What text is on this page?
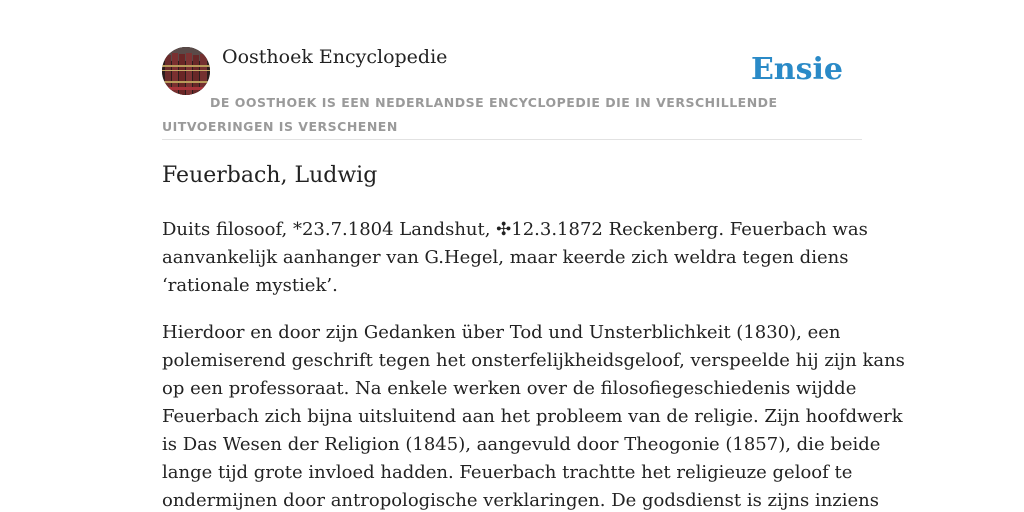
Oosthoek Encyclopedie	Ensie
DE OOSTHOEK IS EEN NEDERLANDSE ENCYCLOPEDIE DIE IN VERSCHILLENDE UITVOERINGEN IS VERSCHENEN
Feuerbach, Ludwig

Duits filosoof, *23.7.1804 Landshut, ✣12.3.1872 Reckenberg. Feuerbach was
aanvankelijk aanhanger van G.Hegel, maar keerde zich weldra tegen diens
‘rationale mystiek’.

Hierdoor en door zijn Gedanken über Tod und Unsterblichkeit (1830), een
polemiserend geschrift tegen het onsterfelijkheidsgeloof, verspeelde hij zijn kans
op een professoraat. Na enkele werken over de filosofiegeschiedenis wijdde
Feuerbach zich bijna uitsluitend aan het probleem van de religie. Zijn hoofdwerk
is Das Wesen der Religion (1845), aangevuld door Theogonie (1857), die beide
lange tijd grote invloed hadden. Feuerbach trachtte het religieuze geloof te
ondermijnen door antropologische verklaringen. De godsdienst is zijns inziens
